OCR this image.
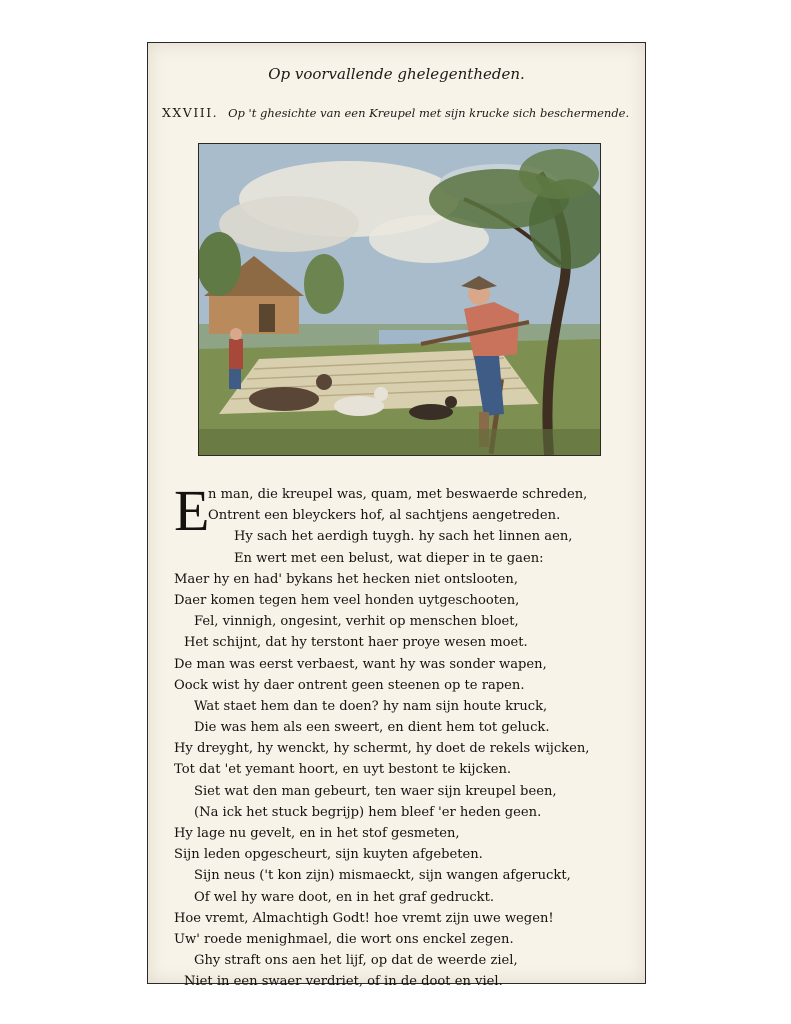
Op voorvallende ghelegentheden.
XXVIII. Op 't ghesichte van een Kreupel met sijn krucke sich beschermende.
E
n man, die kreupel was, quam, met beswaerde schreden,
Ontrent een bleyckers hof, al sachtjens aengetreden.
Hy sach het aerdigh tuygh. hy sach het linnen aen,
En wert met een belust, wat dieper in te gaen:
Maer hy en had' bykans het hecken niet ontslooten,
Daer komen tegen hem veel honden uytgeschooten,
Fel, vinnigh, ongesint, verhit op menschen bloet,
Het schijnt, dat hy terstont haer proye wesen moet.
De man was eerst verbaest, want hy was sonder wapen,
Oock wist hy daer ontrent geen steenen op te rapen.
Wat staet hem dan te doen? hy nam sijn houte kruck,
Die was hem als een sweert, en dient hem tot geluck.
Hy dreyght, hy wenckt, hy schermt, hy doet de rekels wijcken,
Tot dat 'et yemant hoort, en uyt bestont te kijcken.
Siet wat den man gebeurt, ten waer sijn kreupel been,
(Na ick het stuck begrijp) hem bleef 'er heden geen.
Hy lage nu gevelt, en in het stof gesmeten,
Sijn leden opgescheurt, sijn kuyten afgebeten.
Sijn neus ('t kon zijn) mismaeckt, sijn wangen afgeruckt,
Of wel hy ware doot, en in het graf gedruckt.
Hoe vremt, Almachtigh Godt! hoe vremt zijn uwe wegen!
Uw' roede menighmael, die wort ons enckel zegen.
Ghy straft ons aen het lijf, op dat de weerde ziel,
Niet in een swaer verdriet, of in de doot en viel.
